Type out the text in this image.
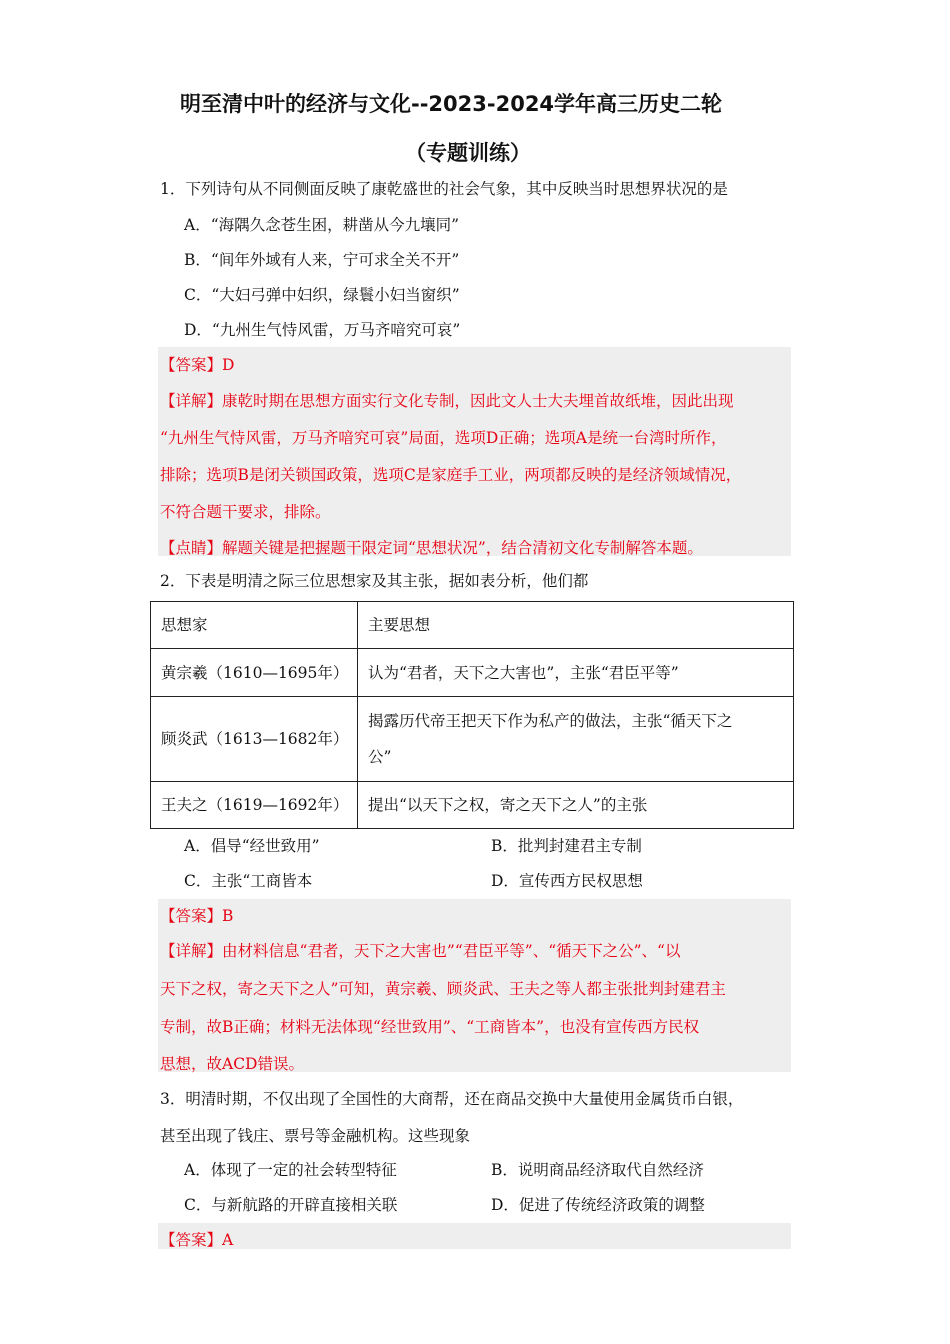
明至清中叶的经济与文化--2023-2024学年高三历史二轮
（专题训练）
1．下列诗句从不同侧面反映了康乾盛世的社会气象，其中反映当时思想界状况的是
A．“海隅久念苍生困，耕凿从今九壤同”
B．“间年外域有人来，宁可求全关不开”
C．“大妇弓弹中妇织，绿鬟小妇当窗织”
D．“九州生气恃风雷，万马齐喑究可哀”
【答案】D
【详解】康乾时期在思想方面实行文化专制，因此文人士大夫埋首故纸堆，因此出现
“九州生气恃风雷，万马齐喑究可哀”局面，选项D正确；选项A是统一台湾时所作，
排除；选项B是闭关锁国政策，选项C是家庭手工业，两项都反映的是经济领域情况，
不符合题干要求，排除。
【点睛】解题关键是把握题干限定词“思想状况”，结合清初文化专制解答本题。
2．下表是明清之际三位思想家及其主张，据如表分析，他们都
思想家	主要思想
黄宗羲（1610—1695年）	认为“君者，天下之大害也”，主张“君臣平等”
顾炎武（1613—1682年）	揭露历代帝王把天下作为私产的做法，主张“循天下之
公”

王夫之（1619—1692年）	提出“以天下之权，寄之天下之人”的主张
A．倡导“经世致用”	B．批判封建君主专制
C．主张“工商皆本	D．宣传西方民权思想
【答案】B
【详解】由材料信息“君者，天下之大害也”“君臣平等”、“循天下之公”、“以
天下之权，寄之天下之人”可知，黄宗羲、顾炎武、王夫之等人都主张批判封建君主
专制，故B正确；材料无法体现“经世致用”、“工商皆本”，也没有宣传西方民权
思想，故ACD错误。
3．明清时期，不仅出现了全国性的大商帮，还在商品交换中大量使用金属货币白银，
甚至出现了钱庄、票号等金融机构。这些现象
A．体现了一定的社会转型特征	B．说明商品经济取代自然经济
C．与新航路的开辟直接相关联	D．促进了传统经济政策的调整
【答案】A
